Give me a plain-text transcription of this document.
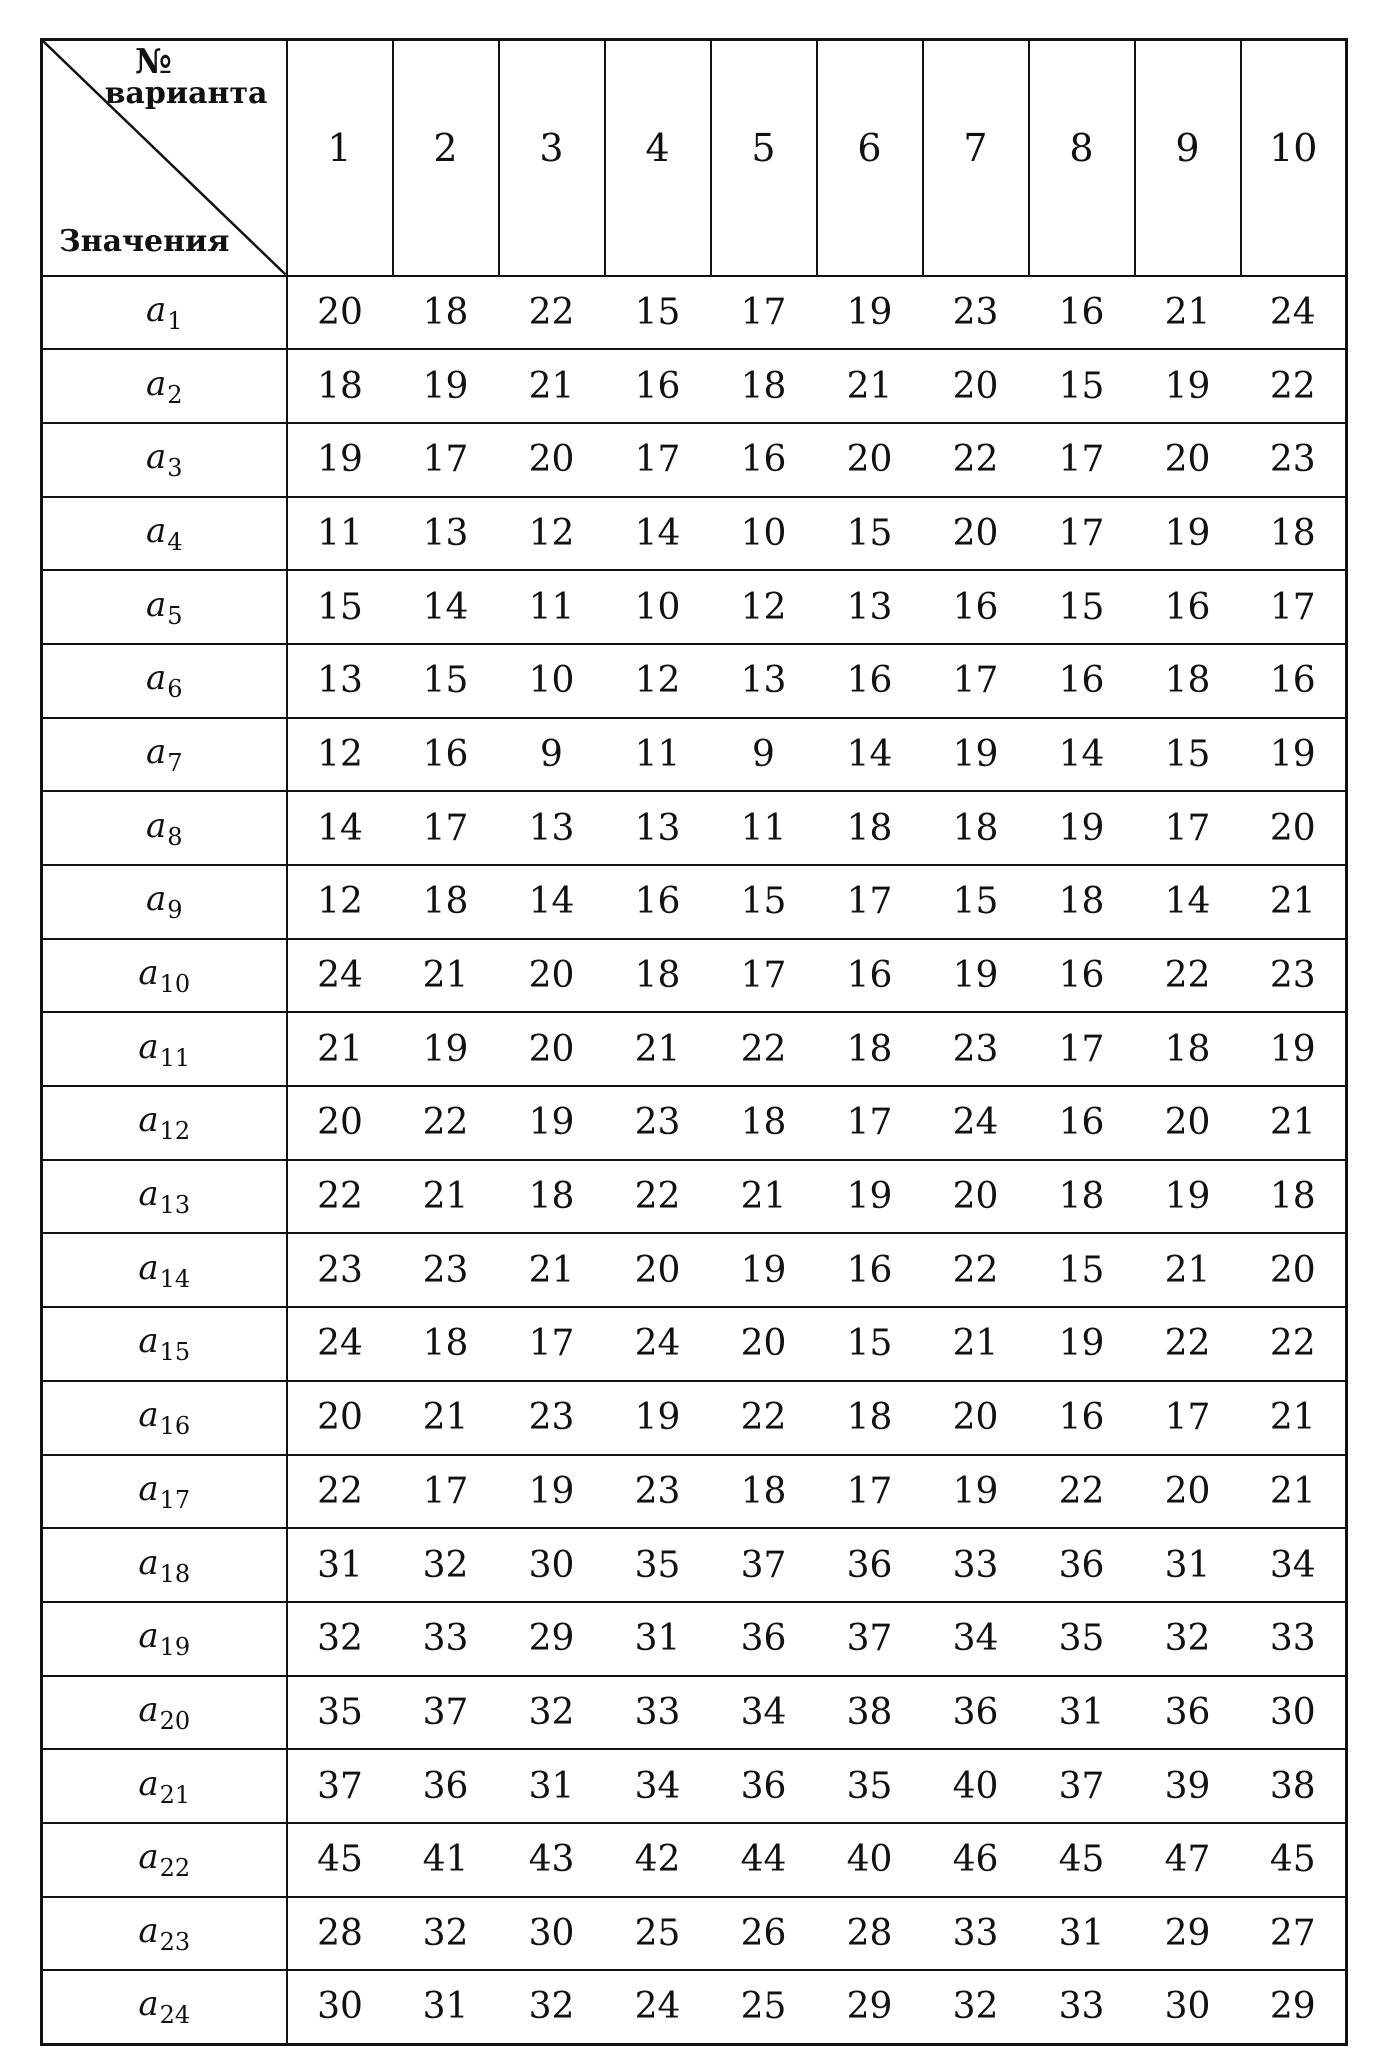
№
варианта
Значения	1	2	3	4	5	6	7	8	9	10
$a_1$	20	18	22	15	17	19	23	16	21	24
$a_2$	18	19	21	16	18	21	20	15	19	22
$a_3$	19	17	20	17	16	20	22	17	20	23
$a_4$	11	13	12	14	10	15	20	17	19	18
$a_5$	15	14	11	10	12	13	16	15	16	17
$a_6$	13	15	10	12	13	16	17	16	18	16
$a_7$	12	16	9	11	9	14	19	14	15	19
$a_8$	14	17	13	13	11	18	18	19	17	20
$a_9$	12	18	14	16	15	17	15	18	14	21
$a_{10}$	24	21	20	18	17	16	19	16	22	23
$a_{11}$	21	19	20	21	22	18	23	17	18	19
$a_{12}$	20	22	19	23	18	17	24	16	20	21
$a_{13}$	22	21	18	22	21	19	20	18	19	18
$a_{14}$	23	23	21	20	19	16	22	15	21	20
$a_{15}$	24	18	17	24	20	15	21	19	22	22
$a_{16}$	20	21	23	19	22	18	20	16	17	21
$a_{17}$	22	17	19	23	18	17	19	22	20	21
$a_{18}$	31	32	30	35	37	36	33	36	31	34
$a_{19}$	32	33	29	31	36	37	34	35	32	33
$a_{20}$	35	37	32	33	34	38	36	31	36	30
$a_{21}$	37	36	31	34	36	35	40	37	39	38
$a_{22}$	45	41	43	42	44	40	46	45	47	45
$a_{23}$	28	32	30	25	26	28	33	31	29	27
$a_{24}$	30	31	32	24	25	29	32	33	30	29
